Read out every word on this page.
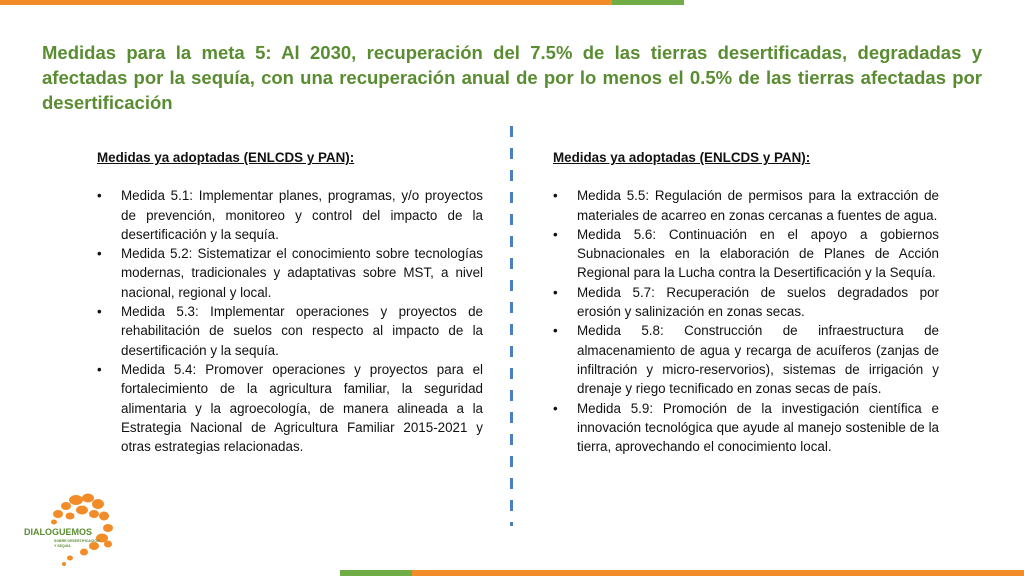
Medidas para la meta 5: Al 2030, recuperación del 7.5% de las tierras desertificadas, degradadas y afectadas por la sequía, con una recuperación anual de por lo menos el 0.5% de las tierras afectadas por desertificación
Medidas ya adoptadas (ENLCDS y PAN):
• Medida 5.1: Implementar planes, programas, y/o proyectos de prevención, monitoreo y control del impacto de la desertificación y la sequía.
• Medida 5.2: Sistematizar el conocimiento sobre tecnologías modernas, tradicionales y adaptativas sobre MST, a nivel nacional, regional y local.
• Medida 5.3: Implementar operaciones y proyectos de rehabilitación de suelos con respecto al impacto de la desertificación y la sequía.
• Medida 5.4: Promover operaciones y proyectos para el fortalecimiento de la agricultura familiar, la seguridad alimentaria y la agroecología, de manera alineada a la Estrategia Nacional de Agricultura Familiar 2015-2021 y otras estrategias relacionadas.
Medidas ya adoptadas (ENLCDS y PAN):
• Medida 5.5: Regulación de permisos para la extracción de materiales de acarreo en zonas cercanas a fuentes de agua.
• Medida 5.6: Continuación en el apoyo a gobiernos Subnacionales en la elaboración de Planes de Acción Regional para la Lucha contra la Desertificación y la Sequía.
• Medida 5.7: Recuperación de suelos degradados por erosión y salinización en zonas secas.
• Medida 5.8: Construcción de infraestructura de almacenamiento de agua y recarga de acuíferos (zanjas de infiltración y micro-reservorios), sistemas de irrigación y drenaje y riego tecnificado en zonas secas de país.
• Medida 5.9: Promoción de la investigación científica e innovación tecnológica que ayude al manejo sostenible de la tierra, aprovechando el conocimiento local.
DIALOGUEMOS
SOBRE DESERTIFICACIÓN Y SEQUÍA
